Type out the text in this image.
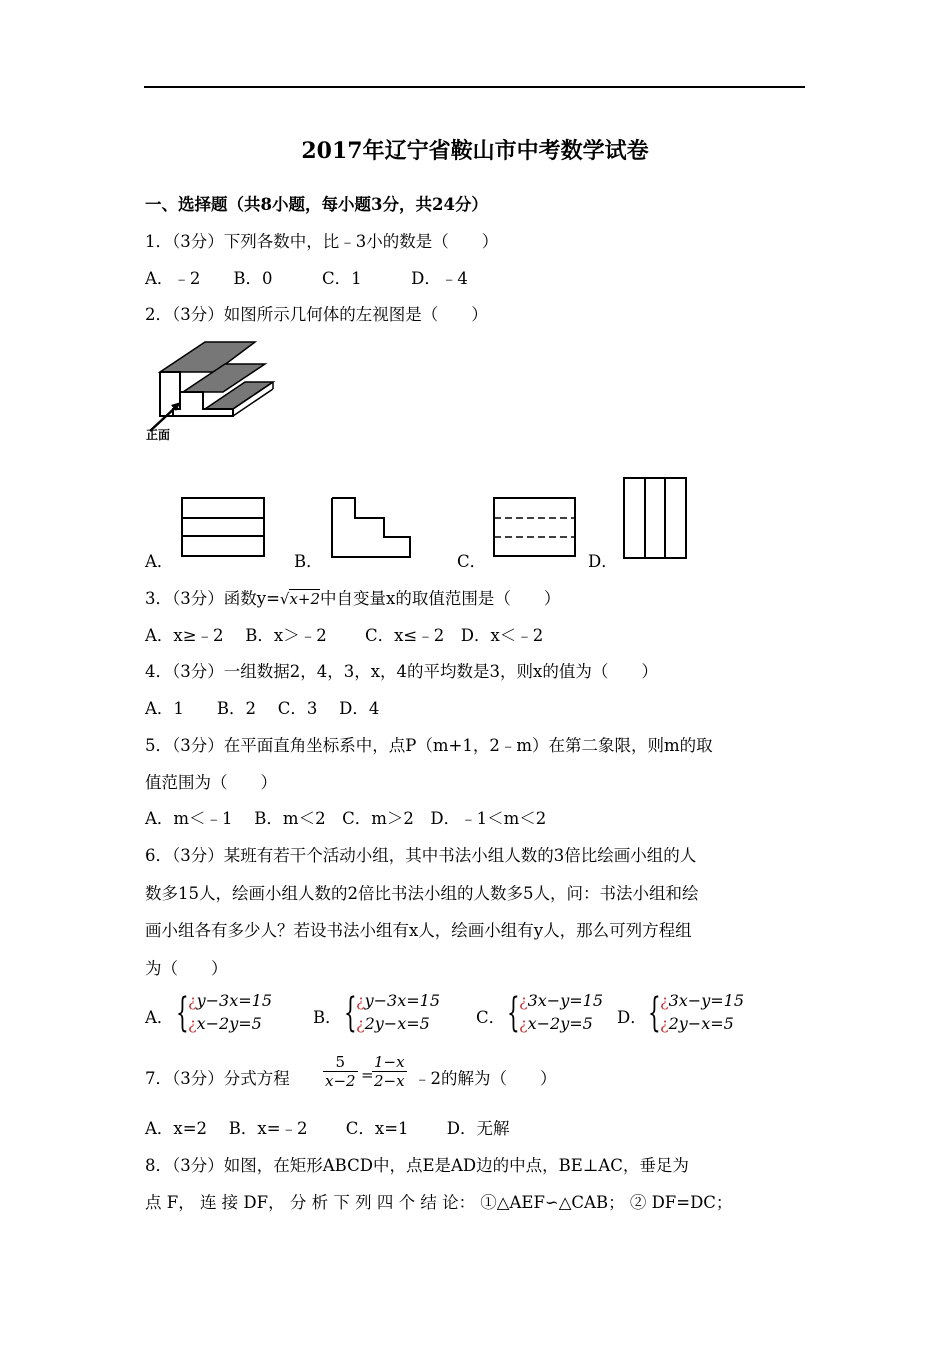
2017年辽宁省鞍山市中考数学试卷
一、选择题（共8小题，每小题3分，共24分）
1．（3分）下列各数中，比﹣3小的数是（　　）
A．﹣2　　B．0　　　C．1　　　D．﹣4
2．（3分）如图所示几何体的左视图是（　　）
正面
A．	B．	C．	D．
3．（3分）函数y=√x+2中自变量x的取值范围是（　　）
A．x≥﹣2　 B．x＞﹣2　　 C．x≤﹣2　D．x＜﹣2
4．（3分）一组数据2，4，3，x，4的平均数是3，则x的值为（　　）
A．1　　B．2　 C．3　 D．4
5．（3分）在平面直角坐标系中，点P（m+1，2﹣m）在第二象限，则m的取
值范围为（　　）
A．m＜﹣1　 B．m＜2　C．m＞2　D．﹣1＜m＜2
6．（3分）某班有若干个活动小组，其中书法小组人数的3倍比绘画小组的人
数多15人，绘画小组人数的2倍比书法小组的人数多5人，问：书法小组和绘
画小组各有多少人？若设书法小组有x人，绘画小组有y人，那么可列方程组
为（　　）
A． { ¿y−3x=15
¿x−2y=5	B． { ¿y−3x=15
¿2y−x=5	C． { ¿3x−y=15
¿x−2y=5 D． { ¿3x−y=15
¿2y−x=5
7．（3分）分式方程 $\frac{5}{x-2}$ =
$\frac{1-x}{2-x}$ ﹣2的解为（　　）
A．x=2　 B．x=﹣2　　 C．x=1　　 D．无解
8．（3分）如图，在矩形ABCD中，点E是AD边的中点，BE⊥AC，垂足为
点 F， 连 接 DF， 分 析 下 列 四 个 结 论： ①△AEF∽△CAB； ② DF=DC；
